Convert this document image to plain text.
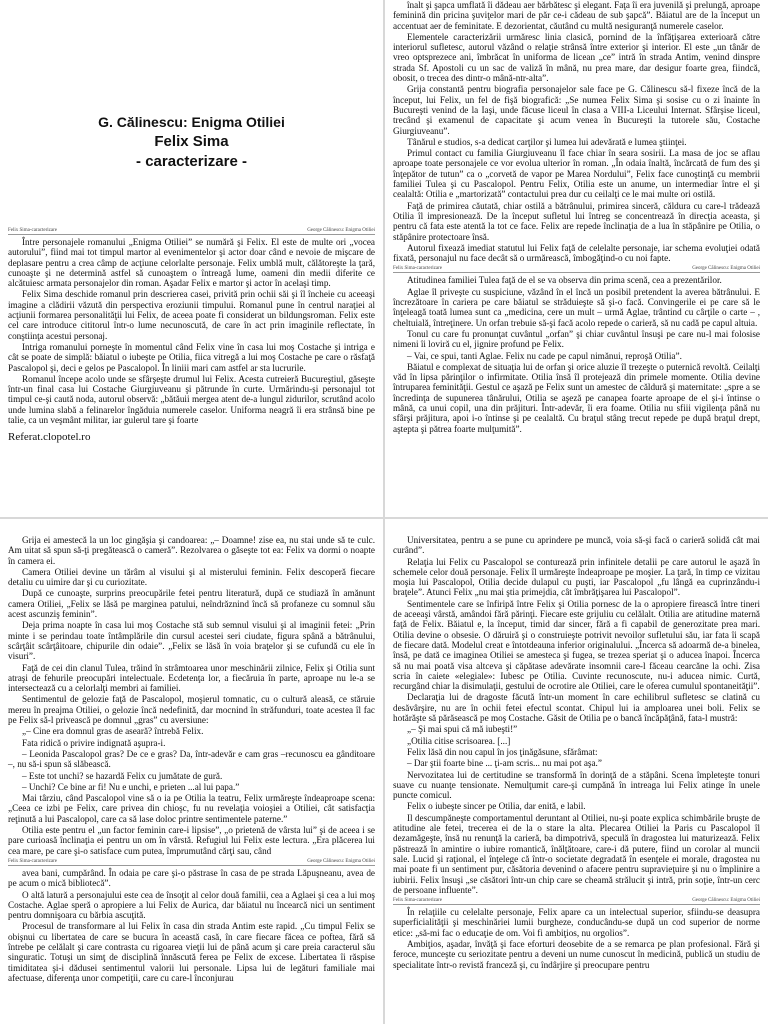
G. Călinescu: Enigma Otiliei
Felix Sima
- caracterizare -
Felix Sima-caracterizare	George Călinescu: Enigma Otiliei

Între personajele romanului „Enigma Otiliei” se numără şi Felix. El este de multe ori „vocea autorului”, fiind mai tot timpul martor al evenimentelor şi actor doar când e nevoie de mişcare de deplasare pentru a crea câmp de acţiune celorlalte personaje. Felix umblă mult, călătoreşte la ţară, cunoaşte şi ne determină astfel să cunoaştem o întreagă lume, oameni din medii diferite ce alcătuiesc armata personajelor din roman. Aşadar Felix e martor şi actor în acelaşi timp.

Felix Sima deschide romanul prin descrierea casei, privită prin ochii săi şi îl încheie cu aceeaşi imagine a clădirii văzută din perspectiva eroziunii timpului. Romanul pune în centrul naraţiei al acţiunii formarea personalităţii lui Felix, de aceea poate fi considerat un bildungsroman. Felix este cel care introduce cititorul într-o lume necunoscută, de care în act prin imaginile reflectate, în conştiinţa acestui personaj.

Intriga romanului porneşte în momentul când Felix vine în casa lui moş Costache şi intriga e cât se poate de simplă: băiatul o iubeşte pe Otilia, fiica vitregă a lui moş Costache pe care o răsfaţă Pascalopol şi, deci e gelos pe Pascalopol. În liniii mari cam astfel ar sta lucrurile.

Romanul începe acolo unde se sfârşeşte drumul lui Felix. Acesta cutreieră Bucureştiul, găseşte într-un final casa lui Costache Giurgiuveanu şi pătrunde în curte. Urmărindu-şi personajul tot timpul ce-şi caută noda, autorul observă: „bătăuii mergea atent de-a lungul zidurilor, scrutând acolo unde lumina slabă a felinarelor îngăduia numerele caselor. Uniforma neagră îi era strânsă bine pe talie, ca un veşmânt militar, iar gulerul tare şi foarte

Referat.clopotel.ro

înalt şi şapca umflată îi dădeau aer bărbătesc şi elegant. Faţa îi era juvenilă şi prelungă, aproape feminină din pricina şuviţelor mari de păr ce-i cădeau de sub şapcă”. Băiatul are de la început un accentuat aer de feminitate. E dezorientat, căutând cu multă nesiguranţă numerele caselor.

Elementele caracterizării urmăresc linia clasică, pornind de la înfăţişarea exterioară către interiorul sufletesc, autorul văzând o relaţie strânsă între exterior şi interior. El este „un tânăr de vreo optsprezece ani, îmbrăcat în uniforma de licean „ce” intră în strada Antim, venind dinspre strada Sf. Apostoli cu un sac de valiză în mână, nu prea mare, dar desigur foarte grea, fiindcă, obosit, o trecea des dintr-o mână-ntr-alta”.

Grija constantă pentru biografia personajelor sale face pe G. Călinescu să-l fixeze încă de la început, lui Felix, un fel de fişă biografică: „Se numea Felix Sima şi sosise cu o zi înainte în Bucureşti venind de la Iaşi, unde făcuse liceul în clasa a VIII-a Liceului Internat. Sfârşise liceul, trecând şi examenul de capacitate şi acum venea în Bucureşti la tutorele său, Costache Giurgiuveanu”.

Tânărul e studios, s-a dedicat carţilor şi lumea lui adevărată e lumea ştiinţei.

Primul contact cu familia Giurgiuveanu îl face chiar în seara sosirii. La masa de joc se aflau aproape toate personajele ce vor evolua ulterior în roman. „În odaia înaltă, încărcată de fum des şi înţepător de tutun” ca o „corvetă de vapor pe Marea Nordului”, Felix face cunoştinţă cu membrii familiei Tulea şi cu Pascalopol. Pentru Felix, Otilia este un anume, un intermediar între el şi cealaltă: Otilia e „martorizată” contactului prea dur cu ceilalţi ce le mai multe ori ostilă.

Faţă de primirea căutată, chiar ostilă a bătrânului, primirea sinceră, căldura cu care-l trădează Otilia îl impresionează. De la început sufletul lui întreg se concentrează în direcţia aceasta, şi pentru că fata este atentă la tot ce face. Felix are repede înclinaţia de a lua în stăpânire pe Otilia, o stăpânire protectoare însă.

Autorul fixează imediat statutul lui Felix faţă de celelalte personaje, iar schema evoluţiei odată fixată, personajul nu face decât să o urmărească, îmbogăţind-o cu noi fapte.

Felix Sima-caracterizare	George Călinescu: Enigma Otiliei

Atitudinea familiei Tulea faţă de el se va observa din prima scenă, cea a prezentărilor.

Aglae îl priveşte cu suspiciune, văzând în el încă un posibil pretendent la averea bătrânului. E încrezătoare în cariera pe care băiatul se străduieşte să şi-o facă. Convingerile ei pe care să le înţeleagă toată lumea sunt ca „medicina, cere un mult – urmă Aglae, trântind cu cârţile o carte – , cheltuială, întreţinere. Un orfan trebuie să-şi facă acolo repede o carieră, să nu cadă pe capul altuia.

Tonul cu care fu pronunţat cuvântul „orfan” şi chiar cuvântul însuşi pe care nu-l mai folosise nimeni îi loviră cu el, jignire profund pe Felix.

– Vai, ce spui, tanti Aglae. Felix nu cade pe capul nimănui, reproşă Otilia”.

Băiatul e complexat de situaţia lui de orfan şi orice aluzie îl trezeşte o puternică revoltă. Ceilalţi văd în lipsa părinţilor o infirmitate. Otilia însă îl protejează din primele momente. Otilia devine întruparea feminităţii. Gestul ce aşază pe Felix sunt un amestec de căldură şi maternitate: „spre a se încredinţa de supunerea tânărului, Otilia se aşeză pe canapea foarte aproape de el şi-i întinse o mână, ca unui copil, una din prăjituri. Într-adevăr, îi era foame. Otilia nu sfiii vigilenţa până nu sfârşi prăjitura, apoi i-o întinse şi pe cealaltă. Cu braţul stâng trecut repede pe după braţul drept, aştepta şi pătrea foarte mulţumită”.

Grija ei amestecă la un loc gingăşia şi candoarea: „– Doamne! zise ea, nu stai unde să te culc. Am uitat să spun să-ţi pregătească o cameră”. Rezolvarea o găseşte tot ea: Felix va dormi o noapte în camera ei.

Camera Otiliei devine un tărâm al visului şi al misterului feminin. Felix descoperă fiecare detaliu cu uimire dar şi cu curiozitate.

După ce cunoaşte, surprins preocupările fetei pentru literatură, după ce studiază în amănunt camera Otiliei, „Felix se lăsă pe marginea patului, neîndrăznind încă să profaneze cu somnul său acest ascunziş feminin”.

Deja prima noapte în casa lui moş Costache stă sub semnul visului şi al imaginii fetei: „Prin minte i se perindau toate întâmplările din cursul acestei seri ciudate, figura spână a bătrânului, scârţâit scârţâitoare, chipurile din odaie”. „Felix se lăsă în voia braţelor şi se cufundă cu ele în visuri”.

Faţă de cei din clanul Tulea, trăind în strâmtoarea unor meschinării zilnice, Felix şi Otilia sunt atraşi de fehurile preocupări intelectuale. Ecdetenţa lor, a fiecăruia în parte, aproape nu le-a se intersectează cu a celorlalţi membri ai familiei.

Sentimentul de gelozie faţă de Pascalopol, moşierul tomnatic, cu o cultură aleasă, ce stăruie mereu în preajma Otiliei, o gelozie încă nedefinită, dar mocnind în străfunduri, toate acestea îl fac pe Felix să-l privească pe domnul „gras” cu aversiune:

„– Cine era domnul gras de aseară? întrebă Felix.

Fata ridică o privire indignată aşupra-i.

– Leonida Pascalopol gras? De ce e gras? Da, într-adevăr e cam gras –recunoscu ea gânditoare –, nu să-i spun să slăbească.

– Este tot unchi? se hazardă Felix cu jumătate de gură.

– Unchi? Ce bine ar fi! Nu e unchi, e prieten ...al lui papa.”

Mai târziu, când Pascalopol vine să o ia pe Otilia la teatru, Felix urmăreşte îndeaproape scena: „Ceea ce izbi pe Felix, care privea din chioşc, fu nu revelaţia voioşiei a Otiliei, cât satisfacţia reţinută a lui Pascalopol, care ca să lase doloc printre sentimentele paterne.”

Otilia este pentru el „un factor feminin care-i lipsise”, „o prietenă de vârsta lui” şi de aceea i se pare curioasă înclinaţia ei pentru un om în vârstă. Refugiul lui Felix este lectura. „Era plăcerea lui cea mare, pe care şi-o satisface cum putea, împrumutând cărţi sau, când

Felix Sima-caracterizare	George Călinescu: Enigma Otiliei

avea bani, cumpărând. În odaia pe care şi-o păstrase în casa de pe strada Lăpuşneanu, avea de pe acum o mică bibliotecă”.

O altă latură a personajului este cea de însoţit al celor două familii, cea a Aglaei şi cea a lui moş Costache. Aglae speră o apropiere a lui Felix de Aurica, dar băiatul nu încearcă nici un sentiment pentru domnişoara cu bărbia ascuţită.

Procesul de transformare al lui Felix în casa din strada Antim este rapid. „Cu timpul Felix se obişnui cu libertatea de care se bucura în această casă, în care fiecare făcea ce poftea, fără să întrebe pe celălalt şi care contrasta cu rigoarea vieţii lui de până acum şi care preia caracterul său singuratic. Totuşi un simţ de disciplină înnăscută ferea pe Felix de excese. Libertatea îi răspise timiditatea şi-i dădusei sentimentul valorii lui personale. Lipsa lui de legături familiale mai afectuase, diferenţa unor competiţii, care cu care-l înconjurau

Universitatea, pentru a se pune cu aprindere pe muncă, voia să-şi facă o carieră solidă cât mai curând”.

Relaţia lui Felix cu Pascalopol se conturează prin infinitele detalii pe care autorul le aşază în schemele celor două personaje. Felix îl urmăreşte îndeaproape pe moşier. La ţară, în timp ce vizitau moşia lui Pascalopol, Otilia decide dulapul cu puşti, iar Pascalopol „fu lângă ea cuprinzându-i braţele”. Atunci Felix „nu mai ştia primejdia, cât îmbrăţişarea lui Pascalopol”.

Sentimentele care se înfiripă între Felix şi Otilia pornesc de la o apropiere firească între tineri de aceeaşi vârstă, amândoi fără părinţi. Fiecare este grijuliu cu celălalt. Otilia are atitudine maternă faţă de Felix. Băiatul e, la început, timid dar sincer, fără a fi capabil de generozitate prea mari. Otilia devine o obsesie. O dăruiră şi o construieşte potrivit nevoilor sufletului său, iar fata îi scapă de fiecare dată. Modelul creat e întotdeauna inferior originalului. „Încerca să adoarmă de-a binelea, însă, pe dată ce imaginea Otiliei se amesteca şi fugea, se trezea speriat şi o aducea înapoi. Încerca să nu mai poată visa altceva şi căpătase adevărate insomnii care-l făceau cearcăne la ochi. Zisa scria în caiete «elegiale»: Iubesc pe Otilia. Cuvinte recunoscute, nu-i aducea nimic. Curtă, recurgând chiar la disimulaţii, gestului de ocrotire ale Otiliei, care le oferea cumulul spontaneităţii”.

Declaraţia lui de dragoste făcută într-un moment în care echilibrul sufletesc se clatină cu desăvârşire, nu are în ochii fetei efectul scontat. Chipul lui ia amploarea unei boli. Felix se hotărăşte să părăsească pe moş Costache. Găsit de Otilia pe o bancă încăpăţână, fata-l mustră:

„– Şi mai spui că mă iubeşti!”

„Otilia citise scrisoarea. [...]

Felix lăsă din nou capul în jos ţinăgăsune, sfărâmat:

– Dar ştii foarte bine ... ţi-am scris... nu mai pot aşa.”

Nervozitatea lui de certitudine se transformă în dorinţă de a stăpâni. Scena împleteşte tonuri suave cu nuanţe tensionate. Nemulţumit care-şi cumpănă în intreaga lui Felix atinge în unele puncte comicul.

Felix o iubeşte sincer pe Otilia, dar enită, e labil.

Il descumpăneşte comportamentul deruntant al Otiliei, nu-şi poate explica schimbările bruşte de atitudine ale fetei, trecerea ei de la o stare la alta. Plecarea Otiliei la Paris cu Pascalopol îl dezamăgeşte, însă nu renunţă la carieră, ba dimpotrivă, speculă în dragostea lui maturizează. Felix păstrează în amintire o iubire romantică, înălţătoare, care-i dă putere, fiind un corolar al muncii sale. Lucid şi raţional, el înţelege că într-o societate degradată în esenţele ei morale, dragostea nu mai poate fi un sentiment pur, căsătoria devenind o afacere pentru supravieţuire şi nu o împlinire a iubirii. Felix însuşi „se căsători într-un chip care se cheamă strălucit şi intră, prin soţie, într-un cerc de persoane influente”.

Felix Sima-caracterizare	George Călinescu: Enigma Otiliei

În relaţiile cu celelalte personaje, Felix apare ca un intelectual superior, sfiindu-se deasupra superficialităţii şi meschinăriei lumii burgheze, conducându-se după un cod superior de norme etice: „să-mi fac o educaţie de om. Voi fi ambiţios, nu orgolios”.

Ambiţios, aşadar, învăţă şi face eforturi deosebite de a se remarca pe plan profesional. Fără şi feroce, munceşte cu seriozitate pentru a deveni un nume cunoscut în medicină, publică un studiu de specialitate într-o revistă franceză şi, cu îndârjire şi preocupare pentru
